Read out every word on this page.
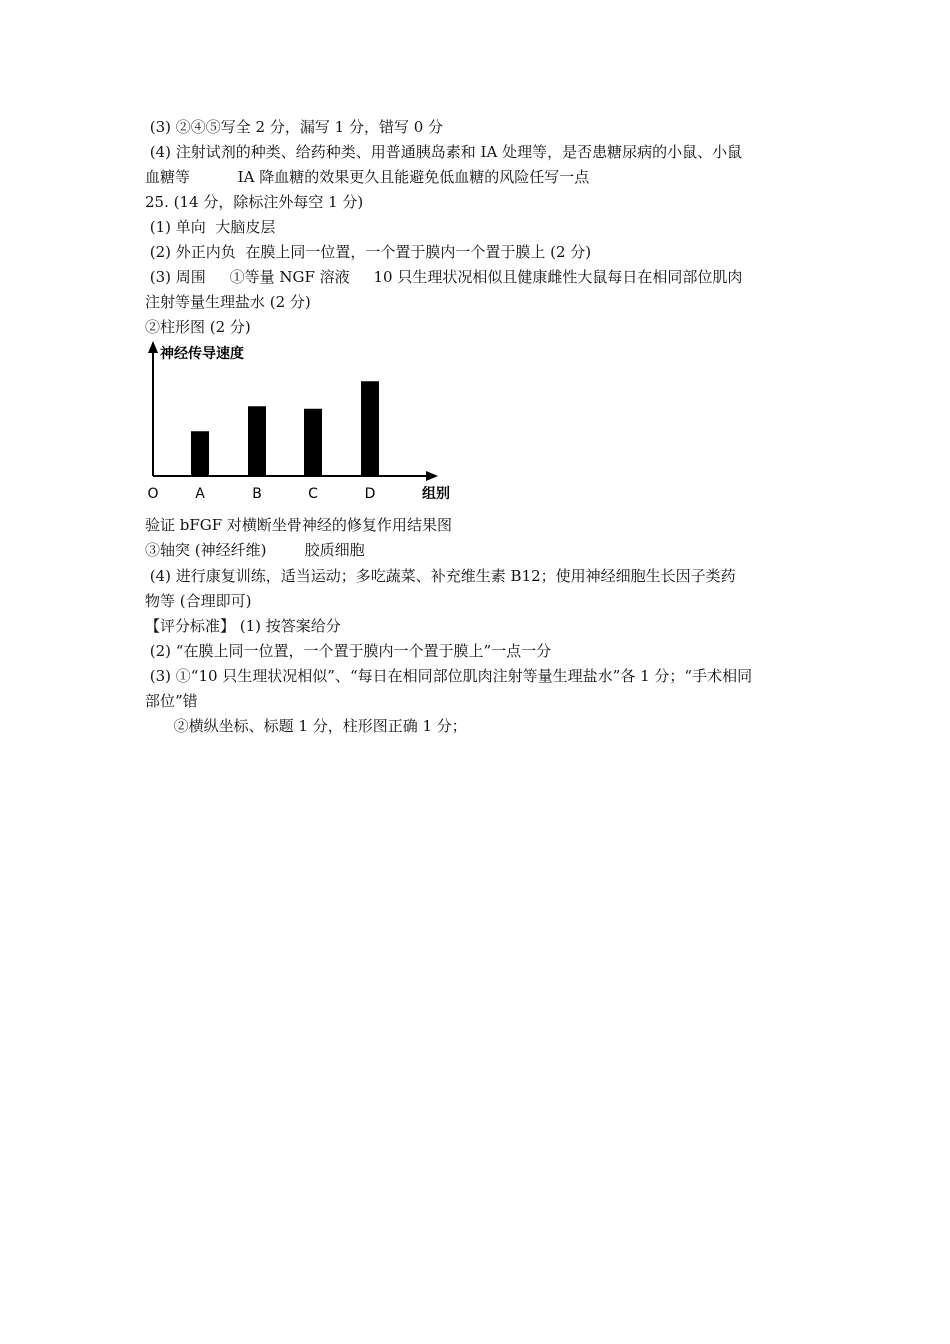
(3) ②④⑤写全 2 分，漏写 1 分，错写 0 分
(4) 注射试剂的种类、给药种类、用普通胰岛素和 IA 处理等，是否患糖尿病的小鼠、小鼠
血糖等          IA 降血糖的效果更久且能避免低血糖的风险任写一点
25. (14 分，除标注外每空 1 分)
(1) 单向  大脑皮层
(2) 外正内负  在膜上同一位置，一个置于膜内一个置于膜上 (2 分)
(3) 周围     ①等量 NGF 溶液     10 只生理状况相似且健康雌性大鼠每日在相同部位肌肉
注射等量生理盐水 (2 分)
②柱形图 (2 分)
神经传导速度
O	组别
A	B	C	D
验证 bFGF 对横断坐骨神经的修复作用结果图
③轴突 (神经纤维)        胶质细胞
(4) 进行康复训练，适当运动；多吃蔬菜、补充维生素 B12；使用神经细胞生长因子类药
物等 (合理即可)
【评分标准】 (1) 按答案给分
(2) “在膜上同一位置，一个置于膜内一个置于膜上”一点一分
(3) ①“10 只生理状况相似”、“每日在相同部位肌肉注射等量生理盐水”各 1 分；“手术相同
部位”错
②横纵坐标、标题 1 分，柱形图正确 1 分；
